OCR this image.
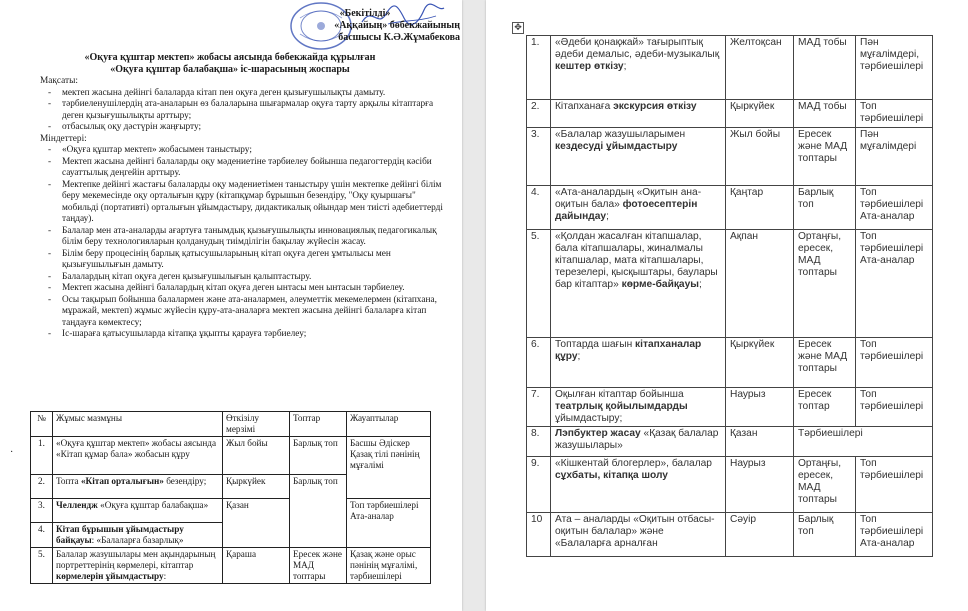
«Бекітілді»
«Аққайың» бөбекжайының
басшысы К.Ә.Жұмабекова
«Оқуға құштар мектеп» жобасы аясында бөбекжайда құрылған
«Оқуға құштар балабақша» іс-шарасының жоспары
Мақсаты:
- мектеп жасына дейінгі балаларда кітап пен оқуға деген қызығушылықты дамыту.
- тәрбиеленушілердің ата-аналарын өз балаларына шығармалар оқуға тарту арқылы кітаптарға деген қызығушылықты арттыру;
- отбасылық оқу дәстүрін жаңғырту;
Міндеттері:
- «Оқуға құштар мектеп» жобасымен таныстыру;
- Мектеп жасына дейінгі балаларды оқу мәдениетіне тәрбиелеу бойынша педагогтердің кәсіби сауаттылық деңгейін арттыру.
- Мектепке дейінгі жастағы балаларды оқу мәдениетімен таныстыру үшін мектепке дейінгі білім беру мекемесінде оқу орталығын құру (кітапқұмар бұрышын безендіру, "Оқу қуыршағы" мобильді (портативті) орталығын ұйымдастыру, дидактикалық ойындар мен тиісті әдебиеттерді таңдау).
- Балалар мен ата-аналарды ағартуға танымдық қызығушылықты инновациялық педагогикалық білім беру технологияларын қолданудың тиімділігін бақылау жүйесін жасау.
- Білім беру процесінің барлық қатысушыларының кітап оқуға деген ұмтылысы мен қызығушылығын дамыту.
- Балалардың кітап оқуға деген қызығушылығын қалыптастыру.
- Мектеп жасына дейінгі балалардың кітап оқуға деген ынтасы мен ынтасын тәрбиелеу.
- Осы тақырып бойынша балалармен және ата-аналармен, әлеуметтік мекемелермен (кітапхана, мұражай, мектеп) жұмыс жүйесін құру-ата-аналарға мектеп жасына дейінгі балаларға кітап таңдауға көмектесу;
- Іс-шараға қатысушыларда кітапқа ұқыпты қарауға тәрбиелеу;
·
№	Жұмыс мазмұны	Өткізілу мерзімі	Топтар	Жауаптылар
1.	«Оқуға құштар мектеп» жобасы аясында «Кітап құмар бала» жобасын құру	Жыл бойы	Барлық топ	Басшы Әдіскер Қазақ тілі пәнінің мұғалімі
2.	Топта «Кітап орталығын» безендіру;	Қыркүйек	Барлық топ	
3.	Челлендж «Оқуға құштар балабақша»	Қазан		Топ тәрбиешілері Ата-аналар
4.	Кітап бұрышын ұйымдастыру байқауы: «Балаларға базарлық»			
5.	Балалар жазушылары мен ақындарының портреттерінің көрмелері, кітаптар көрмелерін ұйымдастыру:	Қараша	Ересек және МАД топтары	Қазақ және орыс пәнінің мұғалімі, тәрбиешілері
1.	«Әдеби қонақжай» тағырыптық әдеби демалыс, әдеби-музыкалық кештер өткізу;	Желтоқсан	МАД тобы	Пән мұғалімдері, тәрбиешілері
2.	Кітапханаға экскурсия өткізу	Қыркүйек	МАД тобы	Топ тәрбиешілері
3.	«Балалар жазушыларымен кездесуді ұйымдастыру	Жыл бойы	Ересек және МАД топтары	Пән мұғалімдері
4.	«Ата-аналардың «Оқитын ана-оқитын бала» фотоесептерін дайындау;	Қаңтар	Барлық топ	Топ тәрбиешілері Ата-аналар
5.	«Қолдан жасалған кітапшалар, бала кітапшалары, жиналмалы кітапшалар, мата кітапшалары, терезелері, қысқыштары, баулары бар кітаптар» көрме-байқауы;	Ақпан	Ортаңғы, ересек, МАД топтары	Топ тәрбиешілері Ата-аналар
6.	Топтарда шағын кітапханалар құру;	Қыркүйек	Ересек және МАД топтары	Топ тәрбиешілері
7.	Оқылған кітаптар бойынша театрлық қойылымдарды ұйымдастыру;	Наурыз	Ересек топтар	Топ тәрбиешілері
8.	Лэпбуктер жасау «Қазақ балалар жазушылары»	Қазан	Тәрбиешілері	
9.	«Кішкентай блогерлер», балалар сұхбаты, кітапқа шолу	Наурыз	Ортаңғы, ересек, МАД топтары	Топ тәрбиешілері
10	Ата – аналарды «Оқитын отбасы-оқитын балалар» және «Балаларға арналған	Сәуір	Барлық топ	Топ тәрбиешілері Ата-аналар
✥
